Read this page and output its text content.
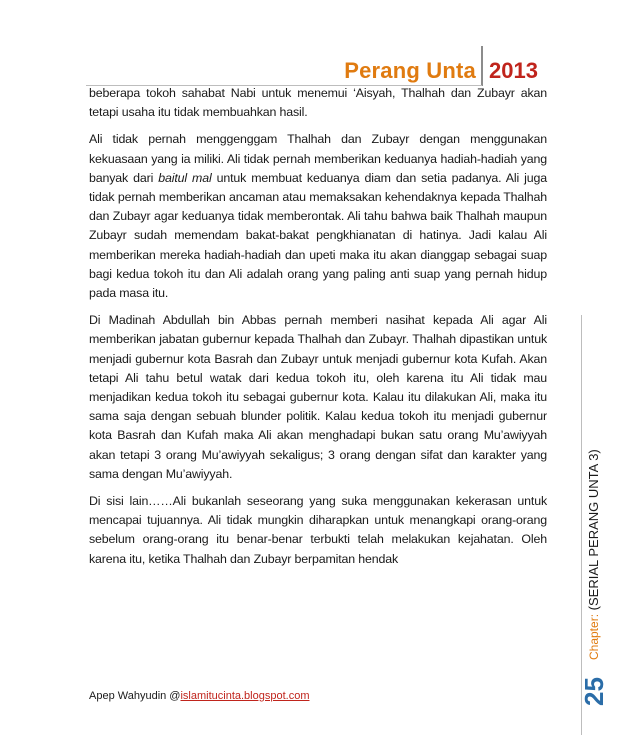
Perang Unta 2013

beberapa tokoh sahabat Nabi untuk menemui ‘Aisyah, Thalhah dan Zubayr akan tetapi usaha itu tidak membuahkan hasil.

Ali tidak pernah menggenggam Thalhah dan Zubayr dengan menggunakan kekuasaan yang ia miliki. Ali tidak pernah memberikan keduanya hadiah-hadiah yang banyak dari baitul mal untuk membuat keduanya diam dan setia padanya. Ali juga tidak pernah memberikan ancaman atau memaksakan kehendaknya kepada Thalhah dan Zubayr agar keduanya tidak memberontak. Ali tahu bahwa baik Thalhah maupun Zubayr sudah memendam bakat-bakat pengkhianatan di hatinya. Jadi kalau Ali memberikan mereka hadiah-hadiah dan upeti maka itu akan dianggap sebagai suap bagi kedua tokoh itu dan Ali adalah orang yang paling anti suap yang pernah hidup pada masa itu.

Di Madinah Abdullah bin Abbas pernah memberi nasihat kepada Ali agar Ali memberikan jabatan gubernur kepada Thalhah dan Zubayr. Thalhah dipastikan untuk menjadi gubernur kota Basrah dan Zubayr untuk menjadi gubernur kota Kufah. Akan tetapi Ali tahu betul watak dari kedua tokoh itu, oleh karena itu Ali tidak mau menjadikan kedua tokoh itu sebagai gubernur kota. Kalau itu dilakukan Ali, maka itu sama saja dengan sebuah blunder politik. Kalau kedua tokoh itu menjadi gubernur kota Basrah dan Kufah maka Ali akan menghadapi bukan satu orang Mu’awiyyah akan tetapi 3 orang Mu’awiyyah sekaligus; 3 orang dengan sifat dan karakter yang sama dengan Mu’awiyyah.

Di sisi lain……Ali bukanlah seseorang yang suka menggunakan kekerasan untuk mencapai tujuannya. Ali tidak mungkin diharapkan untuk menangkapi orang-orang sebelum orang-orang itu benar-benar terbukti telah melakukan kejahatan. Oleh karena itu, ketika Thalhah dan Zubayr berpamitan hendak

Apep Wahyudin @islamitucinta.blogspot.com
Chapter: (SERIAL PERANG UNTA 3)
25
